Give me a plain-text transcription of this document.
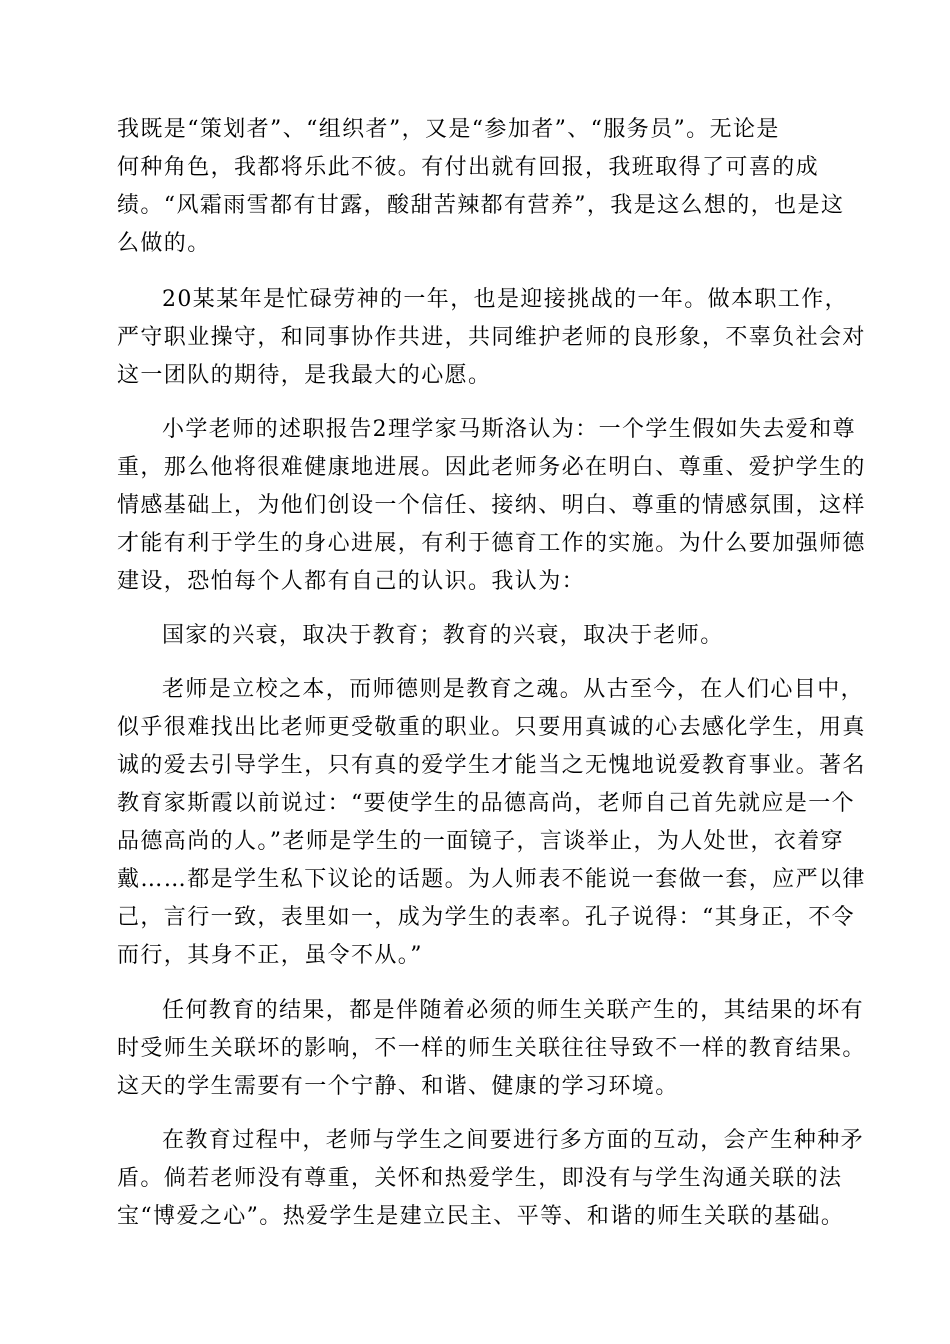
我既是“策划者”、“组织者”，又是“参加者”、“服务员”。无论是
何种角色，我都将乐此不彼。有付出就有回报，我班取得了可喜的成
绩。“风霜雨雪都有甘露，酸甜苦辣都有营养”，我是这么想的，也是这
么做的。
20某某年是忙碌劳神的一年，也是迎接挑战的一年。做本职工作，
严守职业操守，和同事协作共进，共同维护老师的良形象，不辜负社会对
这一团队的期待，是我最大的心愿。
小学老师的述职报告2理学家马斯洛认为：一个学生假如失去爱和尊
重，那么他将很难健康地进展。因此老师务必在明白、尊重、爱护学生的
情感基础上，为他们创设一个信任、接纳、明白、尊重的情感氛围，这样
才能有利于学生的身心进展，有利于德育工作的实施。为什么要加强师德
建设，恐怕每个人都有自己的认识。我认为：
国家的兴衰，取决于教育；教育的兴衰，取决于老师。
老师是立校之本，而师德则是教育之魂。从古至今，在人们心目中，
似乎很难找出比老师更受敬重的职业。只要用真诚的心去感化学生，用真
诚的爱去引导学生，只有真的爱学生才能当之无愧地说爱教育事业。著名
教育家斯霞以前说过：“要使学生的品德高尚，老师自己首先就应是一个
品德高尚的人。”老师是学生的一面镜子，言谈举止，为人处世，衣着穿
戴……都是学生私下议论的话题。为人师表不能说一套做一套，应严以律
己，言行一致，表里如一，成为学生的表率。孔子说得：“其身正，不令
而行，其身不正，虽令不从。”
任何教育的结果，都是伴随着必须的师生关联产生的，其结果的坏有
时受师生关联坏的影响，不一样的师生关联往往导致不一样的教育结果。
这天的学生需要有一个宁静、和谐、健康的学习环境。
在教育过程中，老师与学生之间要进行多方面的互动，会产生种种矛
盾。倘若老师没有尊重，关怀和热爱学生，即没有与学生沟通关联的法
宝“博爱之心”。热爱学生是建立民主、平等、和谐的师生关联的基础。
